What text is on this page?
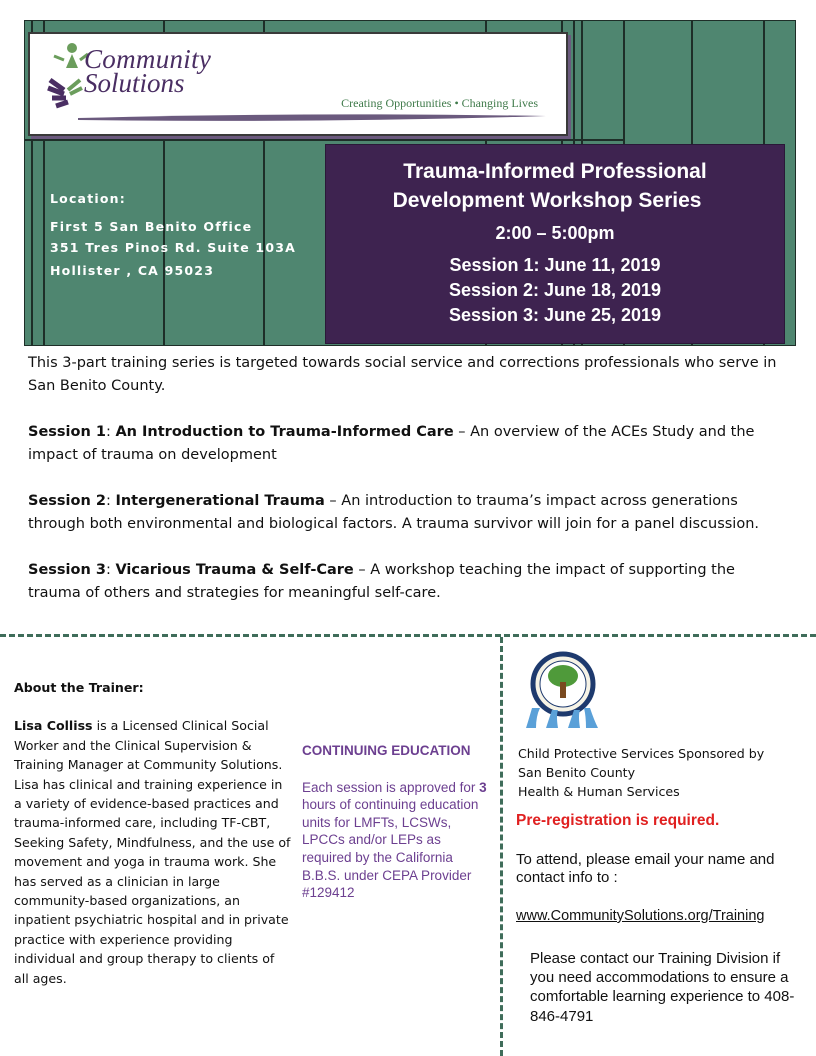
Community
Solutions
Creating Opportunities • Changing Lives
Location:
First 5 San Benito Office
351 Tres Pinos Rd. Suite 103A
Hollister , CA 95023
Trauma-Informed Professional
Development Workshop Series
2:00 – 5:00pm
Session 1: June 11, 2019
Session 2: June 18, 2019
Session 3: June 25, 2019

This 3-part training series is targeted towards social service and corrections professionals who serve in San Benito County.

Session 1: An Introduction to Trauma-Informed Care – An overview of the ACEs Study and the impact of trauma on development

Session 2: Intergenerational Trauma – An introduction to trauma’s impact across generations through both environmental and biological factors. A trauma survivor will join for a panel discussion.

Session 3: Vicarious Trauma & Self-Care – A workshop teaching the impact of supporting the trauma of others and strategies for meaningful self-care.

About the Trainer:
Lisa Colliss is a Licensed Clinical Social Worker and the Clinical Supervision & Training Manager at Community Solutions. Lisa has clinical and training experience in a variety of evidence-based practices and trauma-informed care, including TF-CBT, Seeking Safety, Mindfulness, and the use of movement and yoga in trauma work. She has served as a clinician in large community-based organizations, an inpatient psychiatric hospital and in private practice with experience providing individual and group therapy to clients of all ages.
CONTINUING EDUCATION
Each session is approved for 3 hours of continuing education units for LMFTs, LCSWs, LPCCs and/or LEPs as required by the California B.B.S. under CEPA Provider #129412
Child Protective Services Sponsored by
San Benito County
Health & Human Services
Pre-registration is required.
To attend, please email your name and contact info to :
www.CommunitySolutions.org/Training
Please contact our Training Division if you need accommodations to ensure a comfortable learning experience to 408-846-4791
